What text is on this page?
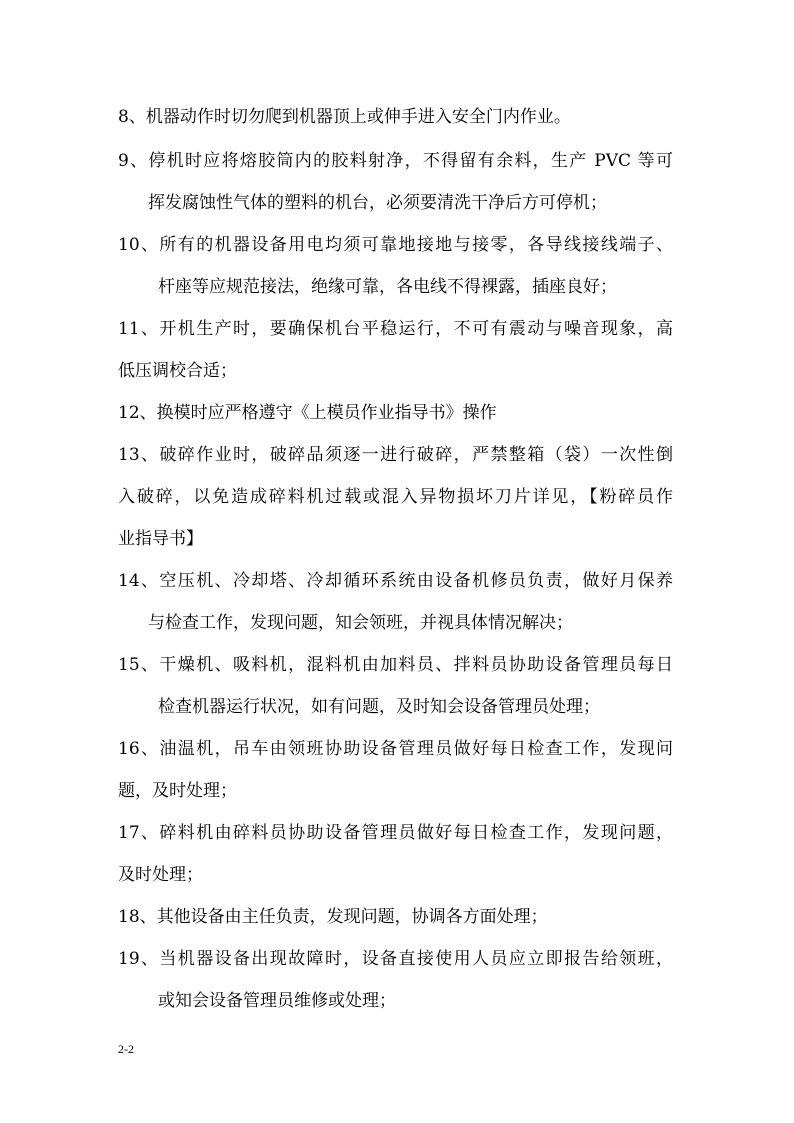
8、机器动作时切勿爬到机器顶上或伸手进入安全门内作业。
9、停机时应将熔胶筒内的胶料射净，不得留有余料，生产 PVC 等可
挥发腐蚀性气体的塑料的机台，必须要清洗干净后方可停机；
10、所有的机器设备用电均须可靠地接地与接零，各导线接线端子、
杆座等应规范接法，绝缘可靠，各电线不得裸露，插座良好；
11、开机生产时，要确保机台平稳运行，不可有震动与噪音现象，高
低压调校合适；
12、换模时应严格遵守《上模员作业指导书》操作
13、破碎作业时，破碎品须逐一进行破碎，严禁整箱（袋）一次性倒
入破碎，以免造成碎料机过载或混入异物损坏刀片详见，【粉碎员作
业指导书】
14、空压机、冷却塔、冷却循环系统由设备机修员负责，做好月保养
与检查工作，发现问题，知会领班，并视具体情况解决；
15、干燥机、吸料机，混料机由加料员、拌料员协助设备管理员每日
检查机器运行状况，如有问题，及时知会设备管理员处理；
16、油温机，吊车由领班协助设备管理员做好每日检查工作，发现问
题，及时处理；
17、碎料机由碎料员协助设备管理员做好每日检查工作，发现问题，
及时处理；
18、其他设备由主任负责，发现问题，协调各方面处理；
19、当机器设备出现故障时，设备直接使用人员应立即报告给领班，
或知会设备管理员维修或处理；
2-2
